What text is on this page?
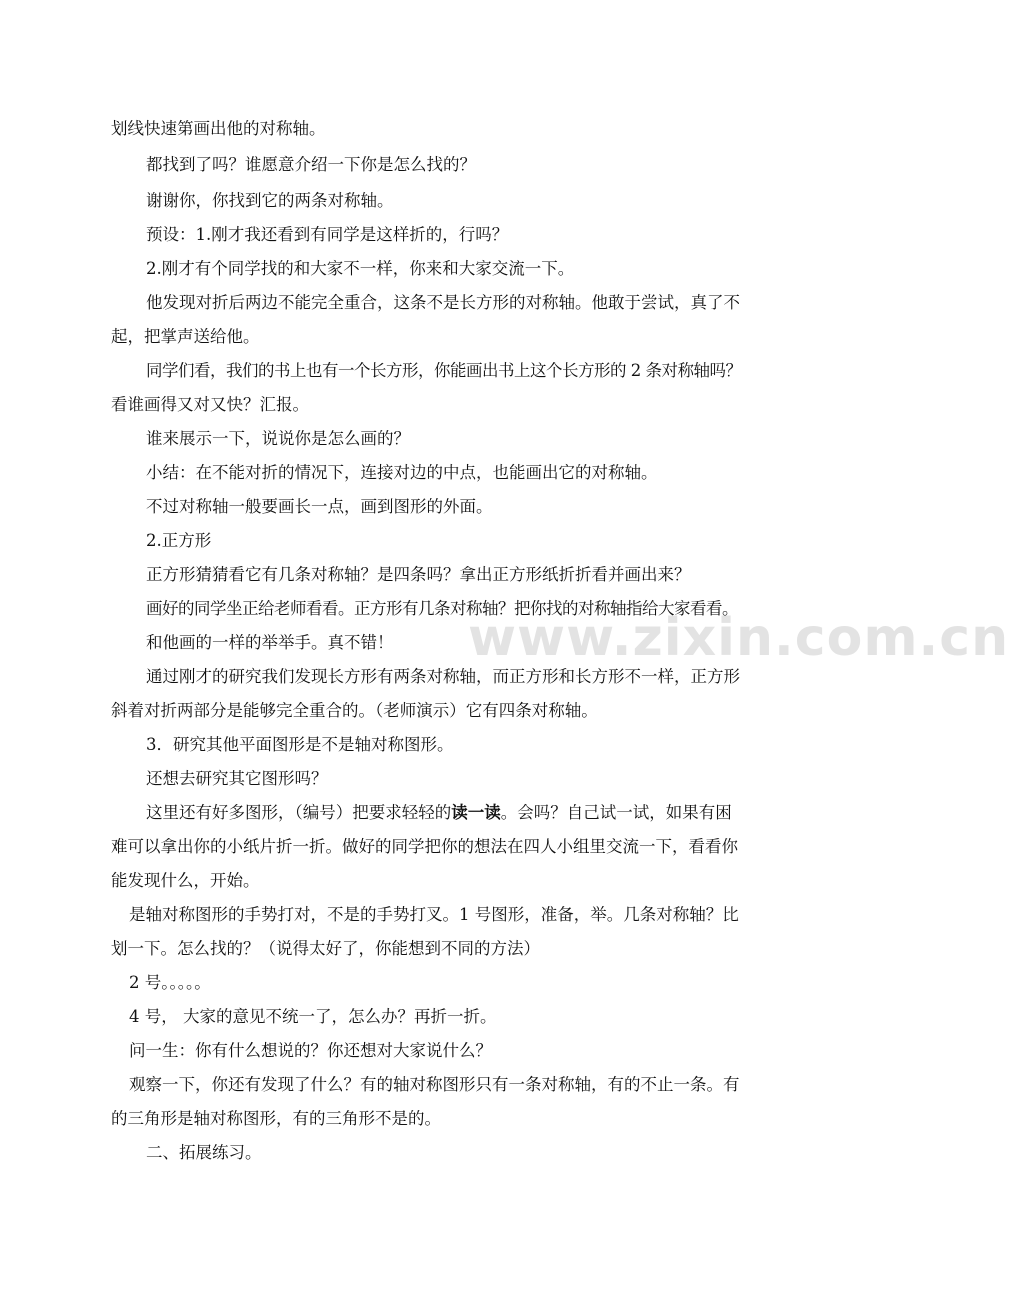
www.zixin.com.cn
划线快速第画出他的对称轴。
都找到了吗？谁愿意介绍一下你是怎么找的？
谢谢你，你找到它的两条对称轴。
预设：1.刚才我还看到有同学是这样折的，行吗？
2.刚才有个同学找的和大家不一样，你来和大家交流一下。
他发现对折后两边不能完全重合，这条不是长方形的对称轴。他敢于尝试，真了不
起，把掌声送给他。
同学们看，我们的书上也有一个长方形，你能画出书上这个长方形的 2 条对称轴吗？
看谁画得又对又快？汇报。
谁来展示一下，说说你是怎么画的？
小结：在不能对折的情况下，连接对边的中点，也能画出它的对称轴。
不过对称轴一般要画长一点，画到图形的外面。
2.正方形
正方形猜猜看它有几条对称轴？是四条吗？拿出正方形纸折折看并画出来？
画好的同学坐正给老师看看。正方形有几条对称轴？把你找的对称轴指给大家看看。
和他画的一样的举举手。真不错！
通过刚才的研究我们发现长方形有两条对称轴，而正方形和长方形不一样，正方形
斜着对折两部分是能够完全重合的。（老师演示）它有四条对称轴。
3．研究其他平面图形是不是轴对称图形。
还想去研究其它图形吗？
这里还有好多图形，（编号）把要求轻轻的读一读。会吗？自己试一试，如果有困
难可以拿出你的小纸片折一折。做好的同学把你的想法在四人小组里交流一下，看看你
能发现什么，开始。
是轴对称图形的手势打对，不是的手势打叉。1 号图形，准备，举。几条对称轴？比
划一下。怎么找的？（说得太好了，你能想到不同的方法）
2 号。。。。。
4 号， 大家的意见不统一了，怎么办？再折一折。
问一生：你有什么想说的？你还想对大家说什么？
观察一下，你还有发现了什么？有的轴对称图形只有一条对称轴，有的不止一条。有
的三角形是轴对称图形，有的三角形不是的。
二、拓展练习。
